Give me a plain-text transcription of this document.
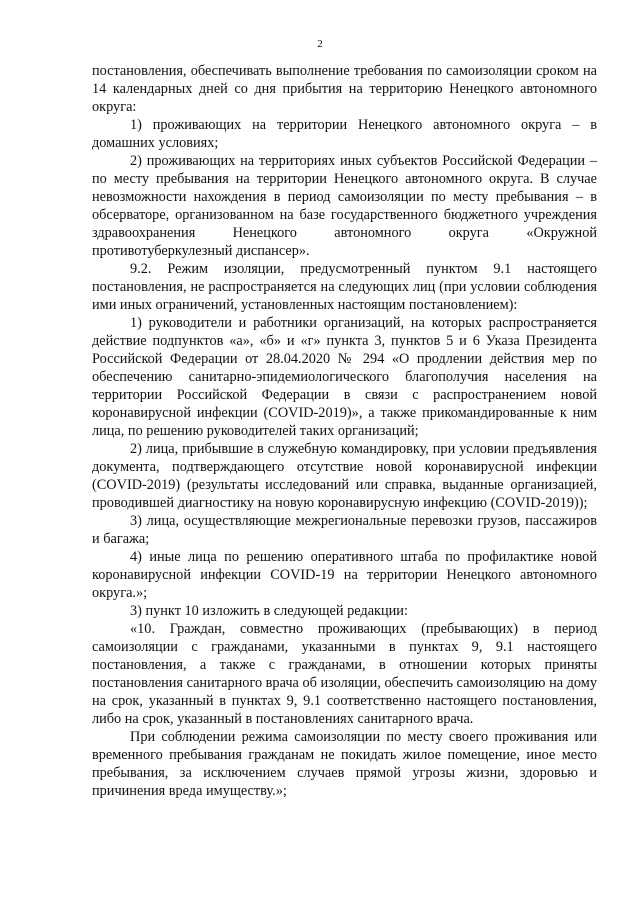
2

постановления, обеспечивать выполнение требования по самоизоляции сроком на 14 календарных дней со дня прибытия на территорию Ненецкого автономного округа:

1) проживающих на территории Ненецкого автономного округа – в домашних условиях;

2) проживающих на территориях иных субъектов Российской Федерации – по месту пребывания на территории Ненецкого автономного округа. В случае невозможности нахождения в период самоизоляции по месту пребывания – в обсерваторе, организованном на базе государственного бюджетного учреждения здравоохранения Ненецкого автономного округа «Окружной противотуберкулезный диспансер».

9.2. Режим изоляции, предусмотренный пунктом 9.1 настоящего постановления, не распространяется на следующих лиц (при условии соблюдения ими иных ограничений, установленных настоящим постановлением):

1) руководители и работники организаций, на которых распространяется действие подпунктов «а», «б» и «г» пункта 3, пунктов 5 и 6 Указа Президента Российской Федерации от 28.04.2020 № 294 «О продлении действия мер по обеспечению санитарно-эпидемиологического благополучия населения на территории Российской Федерации в связи с распространением новой коронавирусной инфекции (COVID-2019)», а также прикомандированные к ним лица, по решению руководителей таких организаций;

2) лица, прибывшие в служебную командировку, при условии предъявления документа, подтверждающего отсутствие новой коронавирусной инфекции (COVID-2019) (результаты исследований или справка, выданные организацией, проводившей диагностику на новую коронавирусную инфекцию (COVID-2019));

3) лица, осуществляющие межрегиональные перевозки грузов, пассажиров и багажа;

4) иные лица по решению оперативного штаба по профилактике новой коронавирусной инфекции COVID-19 на территории Ненецкого автономного округа.»;

3) пункт 10 изложить в следующей редакции:

«10. Граждан, совместно проживающих (пребывающих) в период самоизоляции с гражданами, указанными в пунктах 9, 9.1 настоящего постановления, а также с гражданами, в отношении которых приняты постановления санитарного врача об изоляции, обеспечить самоизоляцию на дому на срок, указанный в пунктах 9, 9.1 соответственно настоящего постановления, либо на срок, указанный в постановлениях санитарного врача.

При соблюдении режима самоизоляции по месту своего проживания или временного пребывания гражданам не покидать жилое помещение, иное место пребывания, за исключением случаев прямой угрозы жизни, здоровью и причинения вреда имуществу.»;
